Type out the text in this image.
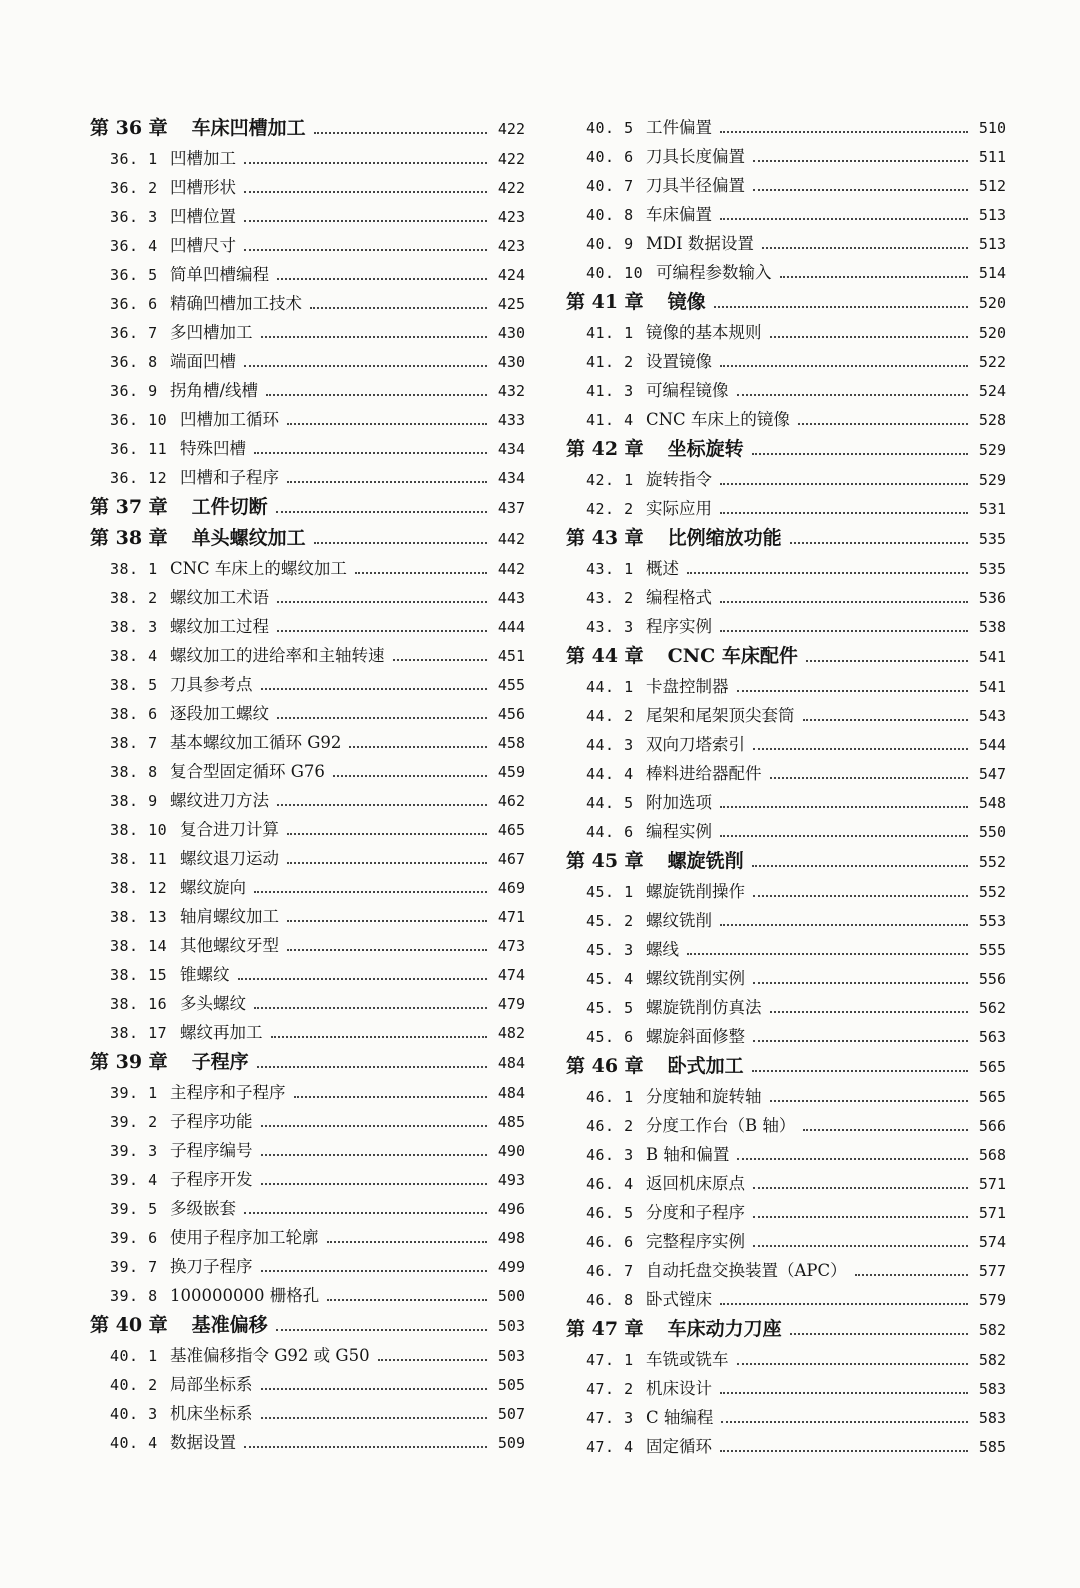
第 36 章 车床凹槽加工	422
36. 1 凹槽加工	422
36. 2 凹槽形状	422
36. 3 凹槽位置	423
36. 4 凹槽尺寸	423
36. 5 简单凹槽编程	424
36. 6 精确凹槽加工技术	425
36. 7 多凹槽加工	430
36. 8 端面凹槽	430
36. 9 拐角槽/线槽	432
36. 10 凹槽加工循环	433
36. 11 特殊凹槽	434
36. 12 凹槽和子程序	434
第 37 章 工件切断	437
第 38 章 单头螺纹加工	442
38. 1 CNC 车床上的螺纹加工	442
38. 2 螺纹加工术语	443
38. 3 螺纹加工过程	444
38. 4 螺纹加工的进给率和主轴转速	451
38. 5 刀具参考点	455
38. 6 逐段加工螺纹	456
38. 7 基本螺纹加工循环 G92	458
38. 8 复合型固定循环 G76	459
38. 9 螺纹进刀方法	462
38. 10 复合进刀计算	465
38. 11 螺纹退刀运动	467
38. 12 螺纹旋向	469
38. 13 轴肩螺纹加工	471
38. 14 其他螺纹牙型	473
38. 15 锥螺纹	474
38. 16 多头螺纹	479
38. 17 螺纹再加工	482
第 39 章 子程序	484
39. 1 主程序和子程序	484
39. 2 子程序功能	485
39. 3 子程序编号	490
39. 4 子程序开发	493
39. 5 多级嵌套	496
39. 6 使用子程序加工轮廓	498
39. 7 换刀子程序	499
39. 8 100000000 栅格孔	500
第 40 章 基准偏移	503
40. 1 基准偏移指令 G92 或 G50	503
40. 2 局部坐标系	505
40. 3 机床坐标系	507
40. 4 数据设置	509
40. 5 工件偏置	510
40. 6 刀具长度偏置	511
40. 7 刀具半径偏置	512
40. 8 车床偏置	513
40. 9 MDI 数据设置	513
40. 10 可编程参数输入	514
第 41 章 镜像	520
41. 1 镜像的基本规则	520
41. 2 设置镜像	522
41. 3 可编程镜像	524
41. 4 CNC 车床上的镜像	528
第 42 章 坐标旋转	529
42. 1 旋转指令	529
42. 2 实际应用	531
第 43 章 比例缩放功能	535
43. 1 概述	535
43. 2 编程格式	536
43. 3 程序实例	538
第 44 章 CNC 车床配件	541
44. 1 卡盘控制器	541
44. 2 尾架和尾架顶尖套筒	543
44. 3 双向刀塔索引	544
44. 4 棒料进给器配件	547
44. 5 附加选项	548
44. 6 编程实例	550
第 45 章 螺旋铣削	552
45. 1 螺旋铣削操作	552
45. 2 螺纹铣削	553
45. 3 螺线	555
45. 4 螺纹铣削实例	556
45. 5 螺旋铣削仿真法	562
45. 6 螺旋斜面修整	563
第 46 章 卧式加工	565
46. 1 分度轴和旋转轴	565
46. 2 分度工作台（B 轴）	566
46. 3 B 轴和偏置	568
46. 4 返回机床原点	571
46. 5 分度和子程序	571
46. 6 完整程序实例	574
46. 7 自动托盘交换装置（APC）	577
46. 8 卧式镗床	579
第 47 章 车床动力刀座	582
47. 1 车铣或铣车	582
47. 2 机床设计	583
47. 3 C 轴编程	583
47. 4 固定循环	585
